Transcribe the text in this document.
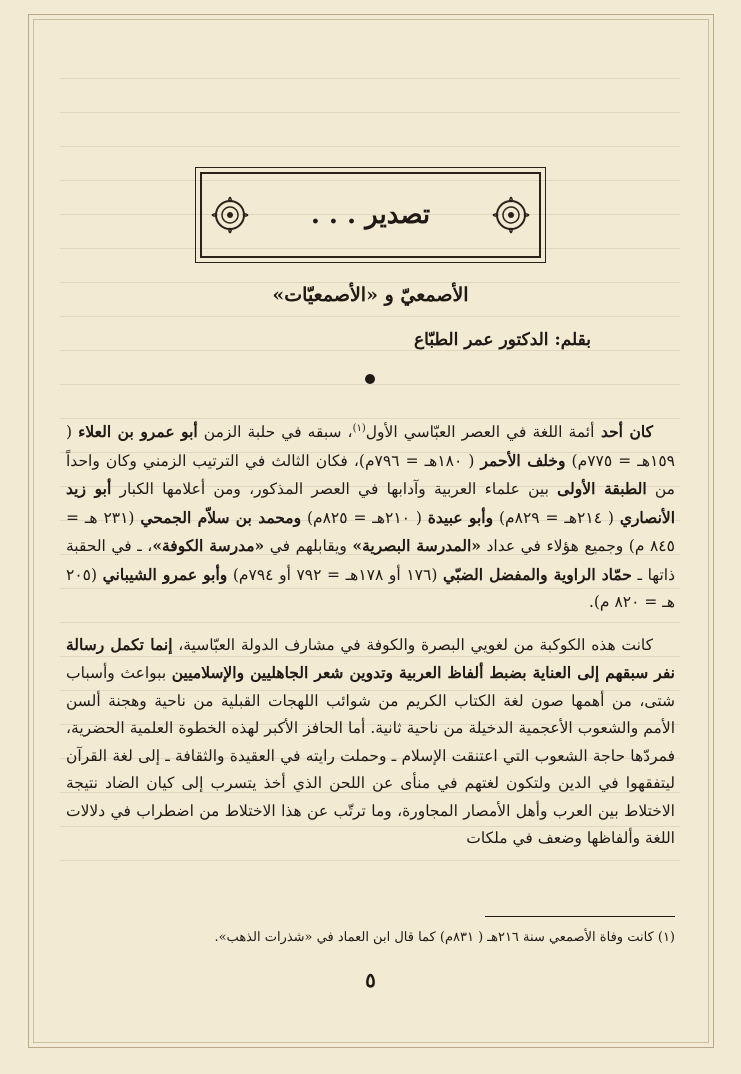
تصدير . . .
الأصمعيّ و «الأصمعيّات»
بقلم: الدكتور عمر الطبّاع

كان أحد أئمة اللغة في العصر العبّاسي الأول$^{(١)}$، سبقه في حلبة الزمن أبو عمرو بن العلاء ( ١٥٩هـ = ٧٧٥م) وخلف الأحمر ( ١٨٠هـ = ٧٩٦م)، فكان الثالث في الترتيب الزمني وكان واحداً من الطبقة الأولى بين علماء العربية وآدابها في العصر المذكور، ومن أعلامها الكبار أبو زيد الأنصاري ( ٢١٤هـ = ٨٢٩م) وأبو عبيدة ( ٢١٠هـ = ٨٢٥م) ومحمد بن سلاّم الجمحي (٢٣١ هـ = ٨٤٥ م) وجميع هؤلاء في عداد «المدرسة البصرية» ويقابلهم في «مدرسة الكوفة»، ـ في الحقبة ذاتها ـ حمّاد الراوية والمفضل الضبّي (١٧٦ أو ١٧٨هـ = ٧٩٢ أو ٧٩٤م) وأبو عمرو الشيباني (٢٠٥ هـ = ٨٢٠ م).

كانت هذه الكوكبة من لغويي البصرة والكوفة في مشارف الدولة العبّاسية، إنما تكمل رسالة نفر سبقهم إلى العناية بضبط ألفاظ العربية وتدوين شعر الجاهليين والإسلاميين ببواعث وأسباب شتى، من أهمها صون لغة الكتاب الكريم من شوائب اللهجات القبلية من ناحية وهجنة ألسن الأمم والشعوب الأعجمية الدخيلة من ناحية ثانية. أما الحافز الأكبر لهذه الخطوة العلمية الحضرية، فمردّها حاجة الشعوب التي اعتنقت الإسلام ـ وحملت رايته في العقيدة والثقافة ـ إلى لغة القرآن ليتفقهوا في الدين ولتكون لغتهم في منأى عن اللحن الذي أخذ يتسرب إلى كيان الضاد نتيجة الاختلاط بين العرب وأهل الأمصار المجاورة، وما ترتّب عن هذا الاختلاط من اضطراب في دلالات اللغة وألفاظها وضعف في ملكات

(١) كانت وفاة الأصمعي سنة ٢١٦هـ ( ٨٣١م) كما قال ابن العماد في «شذرات الذهب».
٥
